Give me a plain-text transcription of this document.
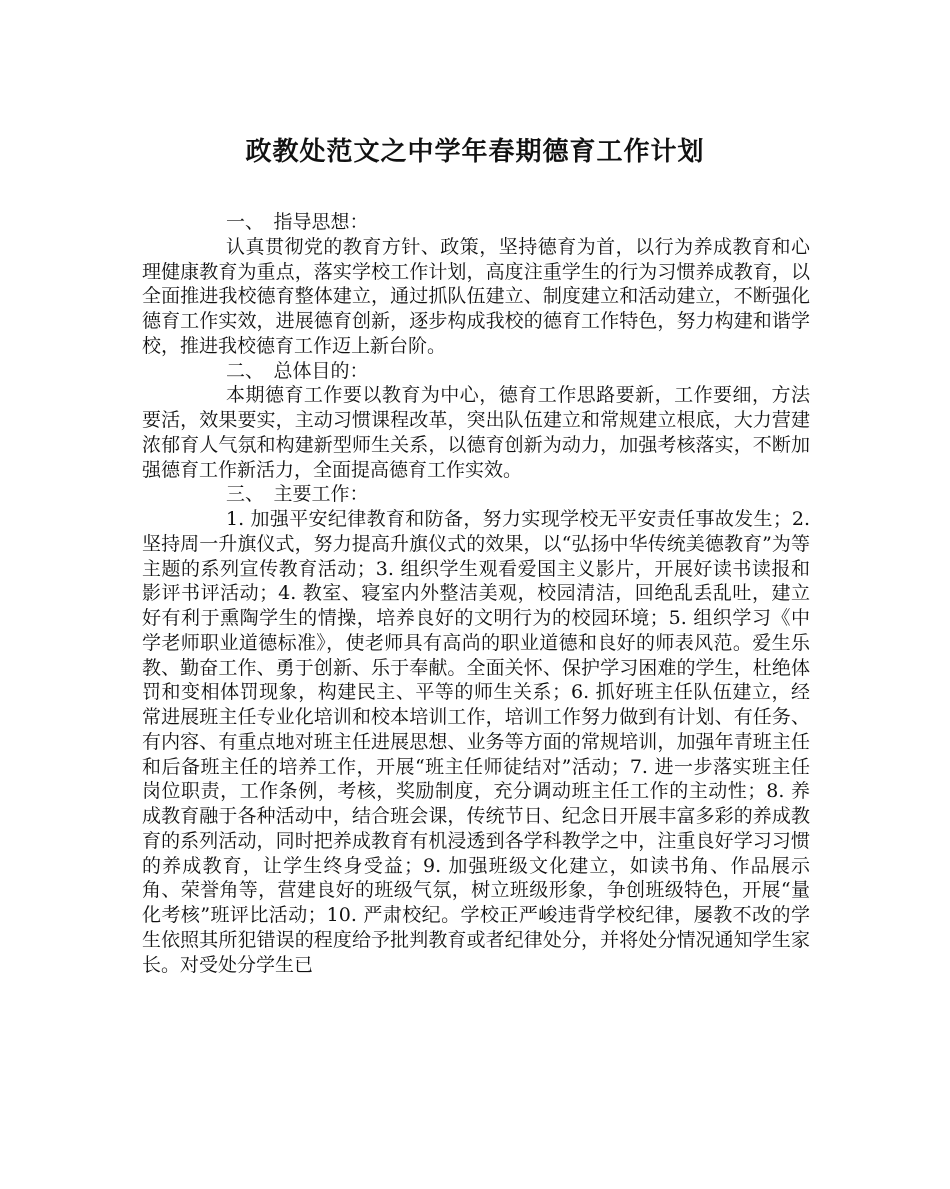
政教处范文之中学年春期德育工作计划
一、　指导思想：
认真贯彻党的教育方针、政策，坚持德育为首，以行为养成教育和心理健康教育为重点，落实学校工作计划，高度注重学生的行为习惯养成教育，以全面推进我校德育整体建立，通过抓队伍建立、制度建立和活动建立，不断强化德育工作实效，进展德育创新，逐步构成我校的德育工作特色，努力构建和谐学校，推进我校德育工作迈上新台阶。
二、　总体目的：
本期德育工作要以教育为中心，德育工作思路要新，工作要细，方法要活，效果要实，主动习惯课程改革，突出队伍建立和常规建立根底，大力营建浓郁育人气氛和构建新型师生关系，以德育创新为动力，加强考核落实，不断加强德育工作新活力，全面提高德育工作实效。
三、　主要工作：
1. 加强平安纪律教育和防备，努力实现学校无平安责任事故发生；2. 坚持周一升旗仪式，努力提高升旗仪式的效果，以“弘扬中华传统美德教育”为等主题的系列宣传教育活动；3. 组织学生观看爱国主义影片，开展好读书读报和影评书评活动；4. 教室、寝室内外整洁美观，校园清洁，回绝乱丢乱吐，建立好有利于熏陶学生的情操，培养良好的文明行为的校园环境；5. 组织学习《中学老师职业道德标准》，使老师具有高尚的职业道德和良好的师表风范。爱生乐教、勤奋工作、勇于创新、乐于奉献。全面关怀、保护学习困难的学生，杜绝体罚和变相体罚现象，构建民主、平等的师生关系；6. 抓好班主任队伍建立，经常进展班主任专业化培训和校本培训工作，培训工作努力做到有计划、有任务、有内容、有重点地对班主任进展思想、业务等方面的常规培训，加强年青班主任和后备班主任的培养工作，开展“班主任师徒结对”活动；7. 进一步落实班主任岗位职责，工作条例，考核，奖励制度，充分调动班主任工作的主动性；8. 养成教育融于各种活动中，结合班会课，传统节日、纪念日开展丰富多彩的养成教育的系列活动，同时把养成教育有机浸透到各学科教学之中，注重良好学习习惯的养成教育，让学生终身受益；9. 加强班级文化建立，如读书角、作品展示角、荣誉角等，营建良好的班级气氛，树立班级形象，争创班级特色，开展“量化考核”班评比活动；10. 严肃校纪。学校正严峻违背学校纪律，屡教不改的学生依照其所犯错误的程度给予批判教育或者纪律处分，并将处分情况通知学生家长。对受处分学生已
